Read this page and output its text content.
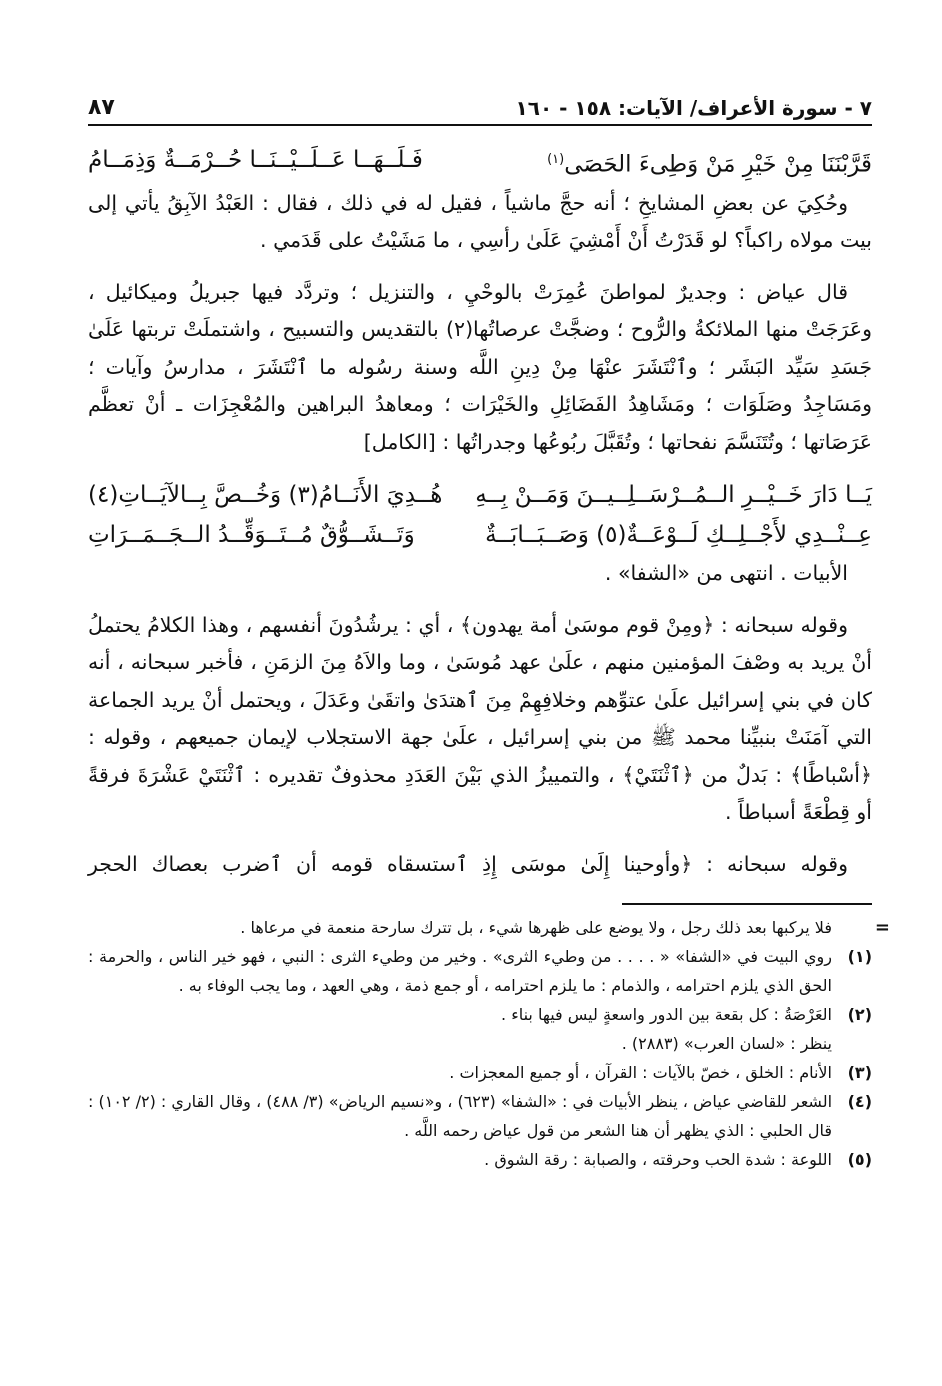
٧ - سورة الأعراف/ الآيات: ١٥٨ - ١٦٠
٨٧
قَرَّبْنَنَا مِنْ خَيْرِ مَنْ وَطِىءَ الحَصَى$^{(١)}$
فَـلَــهَــا عَــلَــيْــنَــا حُــرْمَــةٌ وَذِمَــامُ

وحُكِيَ عن بعضِ المشايخِ ؛ أنه حجَّ ماشياً ، فقيل له في ذلك ، فقال : العَبْدُ الآبِقُ يأتي إلى بيت مولاه راكباً؟ لو قَدَرْتُ أَنْ أَمْشِيَ عَلَىٰ رأسِي ، ما مَشَيْتُ على قَدَمي .

قال عياض : وجديرٌ لمواطنَ عُمِرَتْ بالوحْيِ ، والتنزيل ؛ وتردَّد فيها جبريلُ وميكائيل ، وعَرَجَتْ منها الملائكةُ والرُّوح ؛ وضجَّتْ عرصاتُها(٢) بالتقديس والتسبيح ، واشتملَتْ تربتها عَلَىٰ جَسَدِ سَيِّد البَشَر ؛ وٱنْتَشَرَ عنْهَا مِنْ دِينِ اللَّه وسنة رسُوله ما ٱنْتَشَرَ ، مدارسُ وآيات ؛ ومَسَاجِدُ وصَلَوَات ؛ ومَشَاهِدُ الفَضَائِلِ والخَيْرَات ؛ ومعاهدُ البراهين والمُعْجِزَات ـ أنْ تعظَّم عَرَصَاتها ؛ وتُتَنَسَّمَ نفحاتها ؛ وتُقَبَّلَ ربُوعُها وجدراتُها : [الكامل]

يَــا دَارَ خَــيْــرِ الــمُــرْسَــلِــيــنَ وَمَــنْ بِــهِ
هُــدِيَ الأَنَــامُ(٣) وَخُــصَّ بِــالآيَــاتِ(٤)
عِــنْــدِي لأَجْــلِــكِ لَــوْعَــةٌ(٥) وَصَــبَــابَــةٌ
وَتَــشَــوُّقٌ مُــتَــوَقِّــدُ الــجَــمَــرَاتِ

الأبيات . انتهى من «الشفا» .

وقوله سبحانه : ﴿ومِنْ قوم موسَىٰ أمة يهدون﴾ ، أي : يرشُدُونَ أنفسهم ، وهذا الكلامُ يحتملُ أنْ يريد به وصْفَ المؤمنين منهم ، علَىٰ عهد مُوسَىٰ ، وما والاَهُ مِنَ الزمَنِ ، فأخبر سبحانه ، أنه كان في بني إسرائيل علَىٰ عتوِّهم وخلافِهِمْ مِنَ ٱهتدَىٰ واتقَىٰ وعَدَلَ ، ويحتمل أنْ يريد الجماعة التي آمَنَتْ بنبيِّنا محمد ﷺ من بني إسرائيل ، علَىٰ جهة الاستجلاب لإيمان جميعهم ، وقوله : ﴿أسْباطًا﴾ : بَدلٌ من ﴿ٱثْنَتَيْ﴾ ، والتمييزُ الذي بَيْنَ العَدَدِ محذوفٌ تقديره : ٱثْنَتَيْ عَشْرَةَ فرقةً أو قِطْعَةً أسباطاً .

وقوله سبحانه : ﴿وأوحينا إِلَىٰ موسَى إِذِ ٱستسقاه قومه أن ٱضرب بعصاك الحجر

=
فلا يركبها بعد ذلك رجل ، ولا يوضع على ظهرها شيء ، بل تترك سارحة منعمة في مرعاها .
(١)
روي البيت في «الشفا» « . . . . من وطيء الثرى» . وخير من وطيء الثرى : النبي ، فهو خير الناس ، والحرمة : الحق الذي يلزم احترامه ، والذمام : ما يلزم احترامه ، أو جمع ذمة ، وهي العهد ، وما يجب الوفاء به .
(٢)
العَرْصَةُ : كل بقعة بين الدور واسعةٍ ليس فيها بناء .
ينظر : «لسان العرب» (٢٨٨٣) .
(٣)
الأنام : الخلق ، خصّ بالآيات : القرآن ، أو جميع المعجزات .
(٤)
الشعر للقاضي عياض ، ينظر الأبيات في : «الشفا» (٦٢٣) ، و«نسيم الرياض» (٣/ ٤٨٨) ، وقال القاري : (٢/ ١٠٢) : قال الحلبي : الذي يظهر أن هنا الشعر من قول عياض رحمه اللَّه .
(٥)
اللوعة : شدة الحب وحرقته ، والصبابة : رقة الشوق .
